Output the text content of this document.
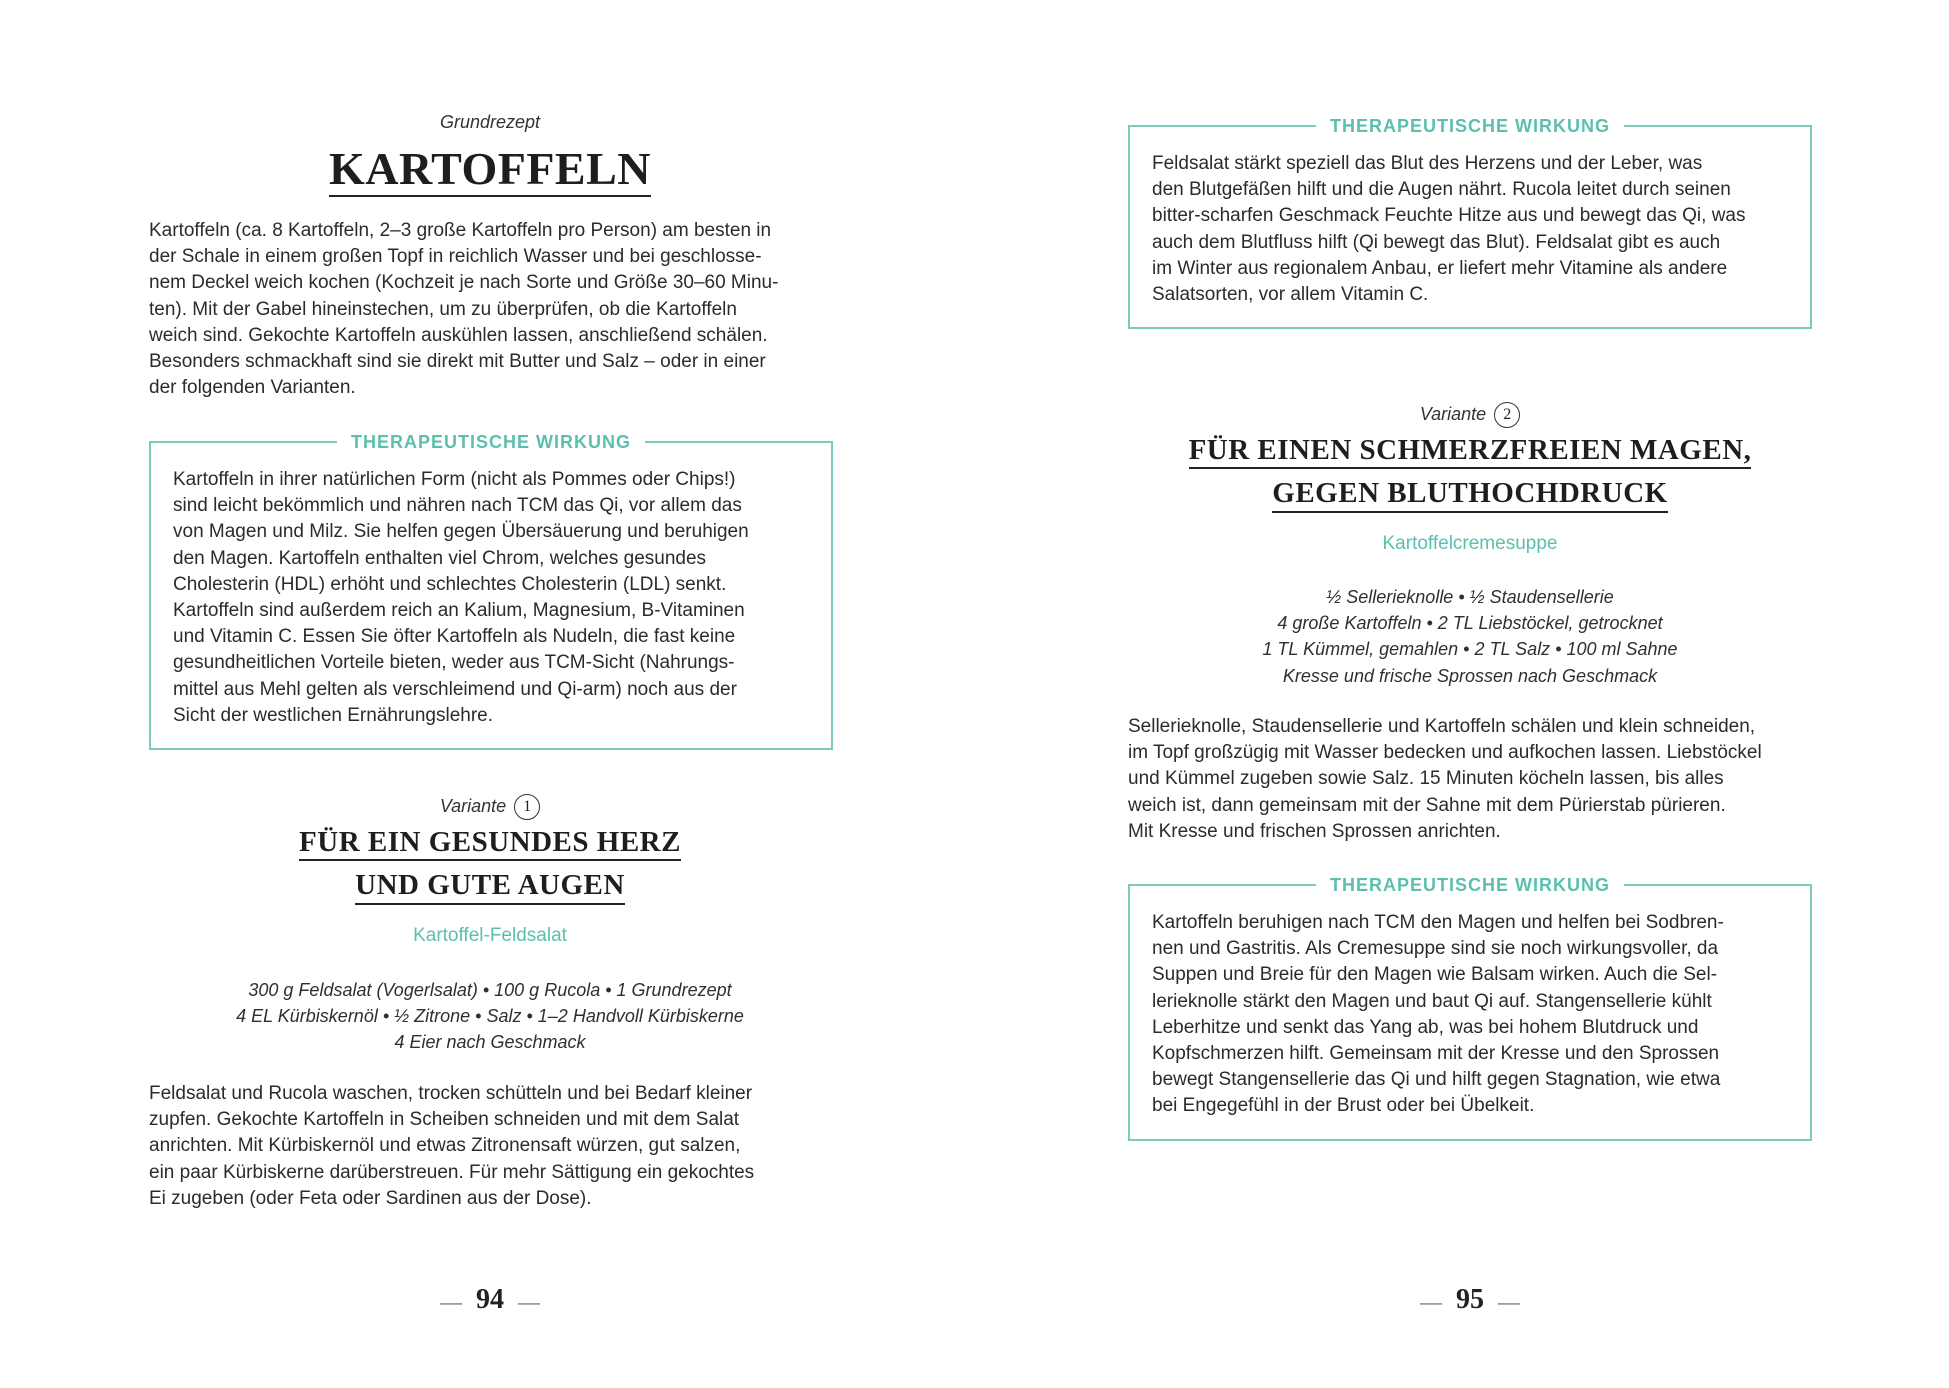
Grundrezept
KARTOFFELN

Kartoffeln (ca. 8 Kartoffeln, 2–3 große Kartoffeln pro Person) am besten in

der Schale in einem großen Topf in reichlich Wasser und bei geschlosse-

nem Deckel weich kochen (Kochzeit je nach Sorte und Größe 30–60 Minu-

ten). Mit der Gabel hineinstechen, um zu überprüfen, ob die Kartoffeln

weich sind. Gekochte Kartoffeln auskühlen lassen, anschließend schälen.

Besonders schmackhaft sind sie direkt mit Butter und Salz – oder in einer

der folgenden Varianten.

THERAPEUTISCHE WIRKUNG
Kartoffeln in ihrer natürlichen Form (nicht als Pommes oder Chips!)
sind leicht bekömmlich und nähren nach TCM das Qi, vor allem das
von Magen und Milz. Sie helfen gegen Übersäuerung und beruhigen
den Magen. Kartoffeln enthalten viel Chrom, welches gesundes
Cholesterin (HDL) erhöht und schlechtes Cholesterin (LDL) senkt.
Kartoffeln sind außerdem reich an Kalium, Magnesium, B-Vitaminen
und Vitamin C. Essen Sie öfter Kartoffeln als Nudeln, die fast keine
gesundheitlichen Vorteile bieten, weder aus TCM-Sicht (Nahrungs-
mittel aus Mehl gelten als verschleimend und Qi-arm) noch aus der
Sicht der westlichen Ernährungslehre.
Variante 1
FÜR EIN GESUNDES HERZ
UND GUTE AUGEN
Kartoffel-Feldsalat
300 g Feldsalat (Vogerlsalat) • 100 g Rucola • 1 Grundrezept
4 EL Kürbiskernöl • ½ Zitrone • Salz • 1–2 Handvoll Kürbiskerne
4 Eier nach Geschmack

Feldsalat und Rucola waschen, trocken schütteln und bei Bedarf kleiner

zupfen. Gekochte Kartoffeln in Scheiben schneiden und mit dem Salat

anrichten. Mit Kürbiskernöl und etwas Zitronensaft würzen, gut salzen,

ein paar Kürbiskerne darüberstreuen. Für mehr Sättigung ein gekochtes

Ei zugeben (oder Feta oder Sardinen aus der Dose).

— 94 —
THERAPEUTISCHE WIRKUNG
Feldsalat stärkt speziell das Blut des Herzens und der Leber, was
den Blutgefäßen hilft und die Augen nährt. Rucola leitet durch seinen
bitter-scharfen Geschmack Feuchte Hitze aus und bewegt das Qi, was
auch dem Blutfluss hilft (Qi bewegt das Blut). Feldsalat gibt es auch
im Winter aus regionalem Anbau, er liefert mehr Vitamine als andere
Salatsorten, vor allem Vitamin C.
Variante 2
FÜR EINEN SCHMERZFREIEN MAGEN,
GEGEN BLUTHOCHDRUCK
Kartoffelcremesuppe
½ Sellerieknolle • ½ Staudensellerie
4 große Kartoffeln • 2 TL Liebstöckel, getrocknet
1 TL Kümmel, gemahlen • 2 TL Salz • 100 ml Sahne
Kresse und frische Sprossen nach Geschmack

Sellerieknolle, Staudensellerie und Kartoffeln schälen und klein schneiden,

im Topf großzügig mit Wasser bedecken und aufkochen lassen. Liebstöckel

und Kümmel zugeben sowie Salz. 15 Minuten köcheln lassen, bis alles

weich ist, dann gemeinsam mit der Sahne mit dem Pürierstab pürieren.

Mit Kresse und frischen Sprossen anrichten.

THERAPEUTISCHE WIRKUNG
Kartoffeln beruhigen nach TCM den Magen und helfen bei Sodbren-
nen und Gastritis. Als Cremesuppe sind sie noch wirkungsvoller, da
Suppen und Breie für den Magen wie Balsam wirken. Auch die Sel-
lerieknolle stärkt den Magen und baut Qi auf. Stangensellerie kühlt
Leberhitze und senkt das Yang ab, was bei hohem Blutdruck und
Kopfschmerzen hilft. Gemeinsam mit der Kresse und den Sprossen
bewegt Stangensellerie das Qi und hilft gegen Stagnation, wie etwa
bei Engegefühl in der Brust oder bei Übelkeit.
— 95 —
